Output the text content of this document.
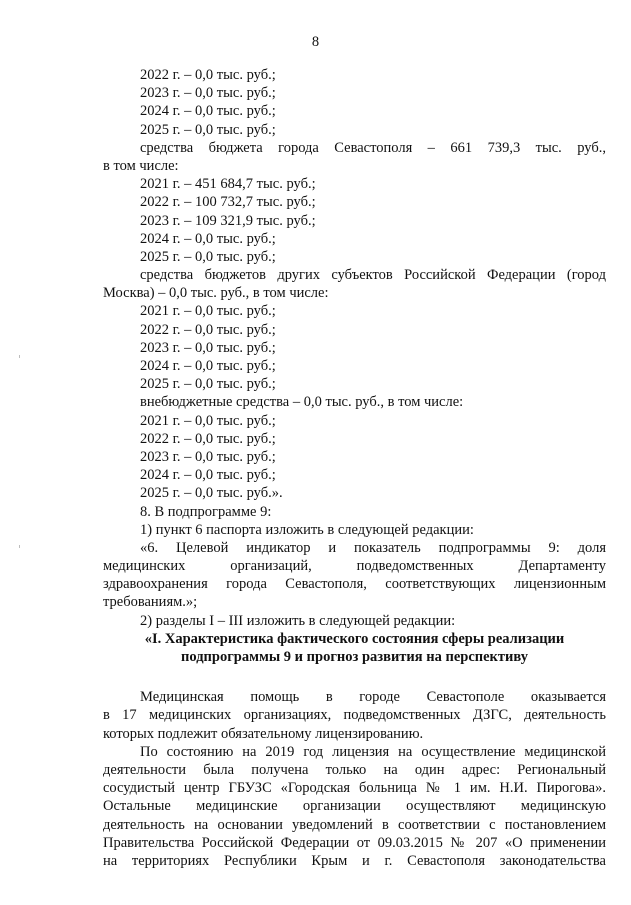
8
2022 г. – 0,0 тыс. руб.;
2023 г. – 0,0 тыс. руб.;
2024 г. – 0,0 тыс. руб.;
2025 г. – 0,0 тыс. руб.;
средства бюджета города Севастополя – 661 739,3 тыс. руб.,
в том числе:
2021 г. – 451 684,7 тыс. руб.;
2022 г. – 100 732,7 тыс. руб.;
2023 г. – 109 321,9 тыс. руб.;
2024 г. – 0,0 тыс. руб.;
2025 г. – 0,0 тыс. руб.;
средства бюджетов других субъектов Российской Федерации (город
Москва) – 0,0 тыс. руб., в том числе:
2021 г. – 0,0 тыс. руб.;
2022 г. – 0,0 тыс. руб.;
2023 г. – 0,0 тыс. руб.;
2024 г. – 0,0 тыс. руб.;
2025 г. – 0,0 тыс. руб.;
внебюджетные средства – 0,0 тыс. руб., в том числе:
2021 г. – 0,0 тыс. руб.;
2022 г. – 0,0 тыс. руб.;
2023 г. – 0,0 тыс. руб.;
2024 г. – 0,0 тыс. руб.;
2025 г. – 0,0 тыс. руб.».
8. В подпрограмме 9:
1) пункт 6 паспорта изложить в следующей редакции:
«6. Целевой индикатор и показатель подпрограммы 9: доля
медицинских организаций, подведомственных Департаменту
здравоохранения города Севастополя, соответствующих лицензионным
требованиям.»;
2) разделы I – III изложить в следующей редакции:
«I. Характеристика фактического состояния сферы реализации
подпрограммы 9 и прогноз развития на перспективу
Медицинская помощь в городе Севастополе оказывается
в 17 медицинских организациях, подведомственных ДЗГС, деятельность
которых подлежит обязательному лицензированию.
По состоянию на 2019 год лицензия на осуществление медицинской
деятельности была получена только на один адрес: Региональный
сосудистый центр ГБУЗС «Городская больница № 1 им. Н.И. Пирогова».
Остальные медицинские организации осуществляют медицинскую
деятельность на основании уведомлений в соответствии с постановлением
Правительства Российской Федерации от 09.03.2015 № 207 «О применении
на территориях Республики Крым и г. Севастополя законодательства
